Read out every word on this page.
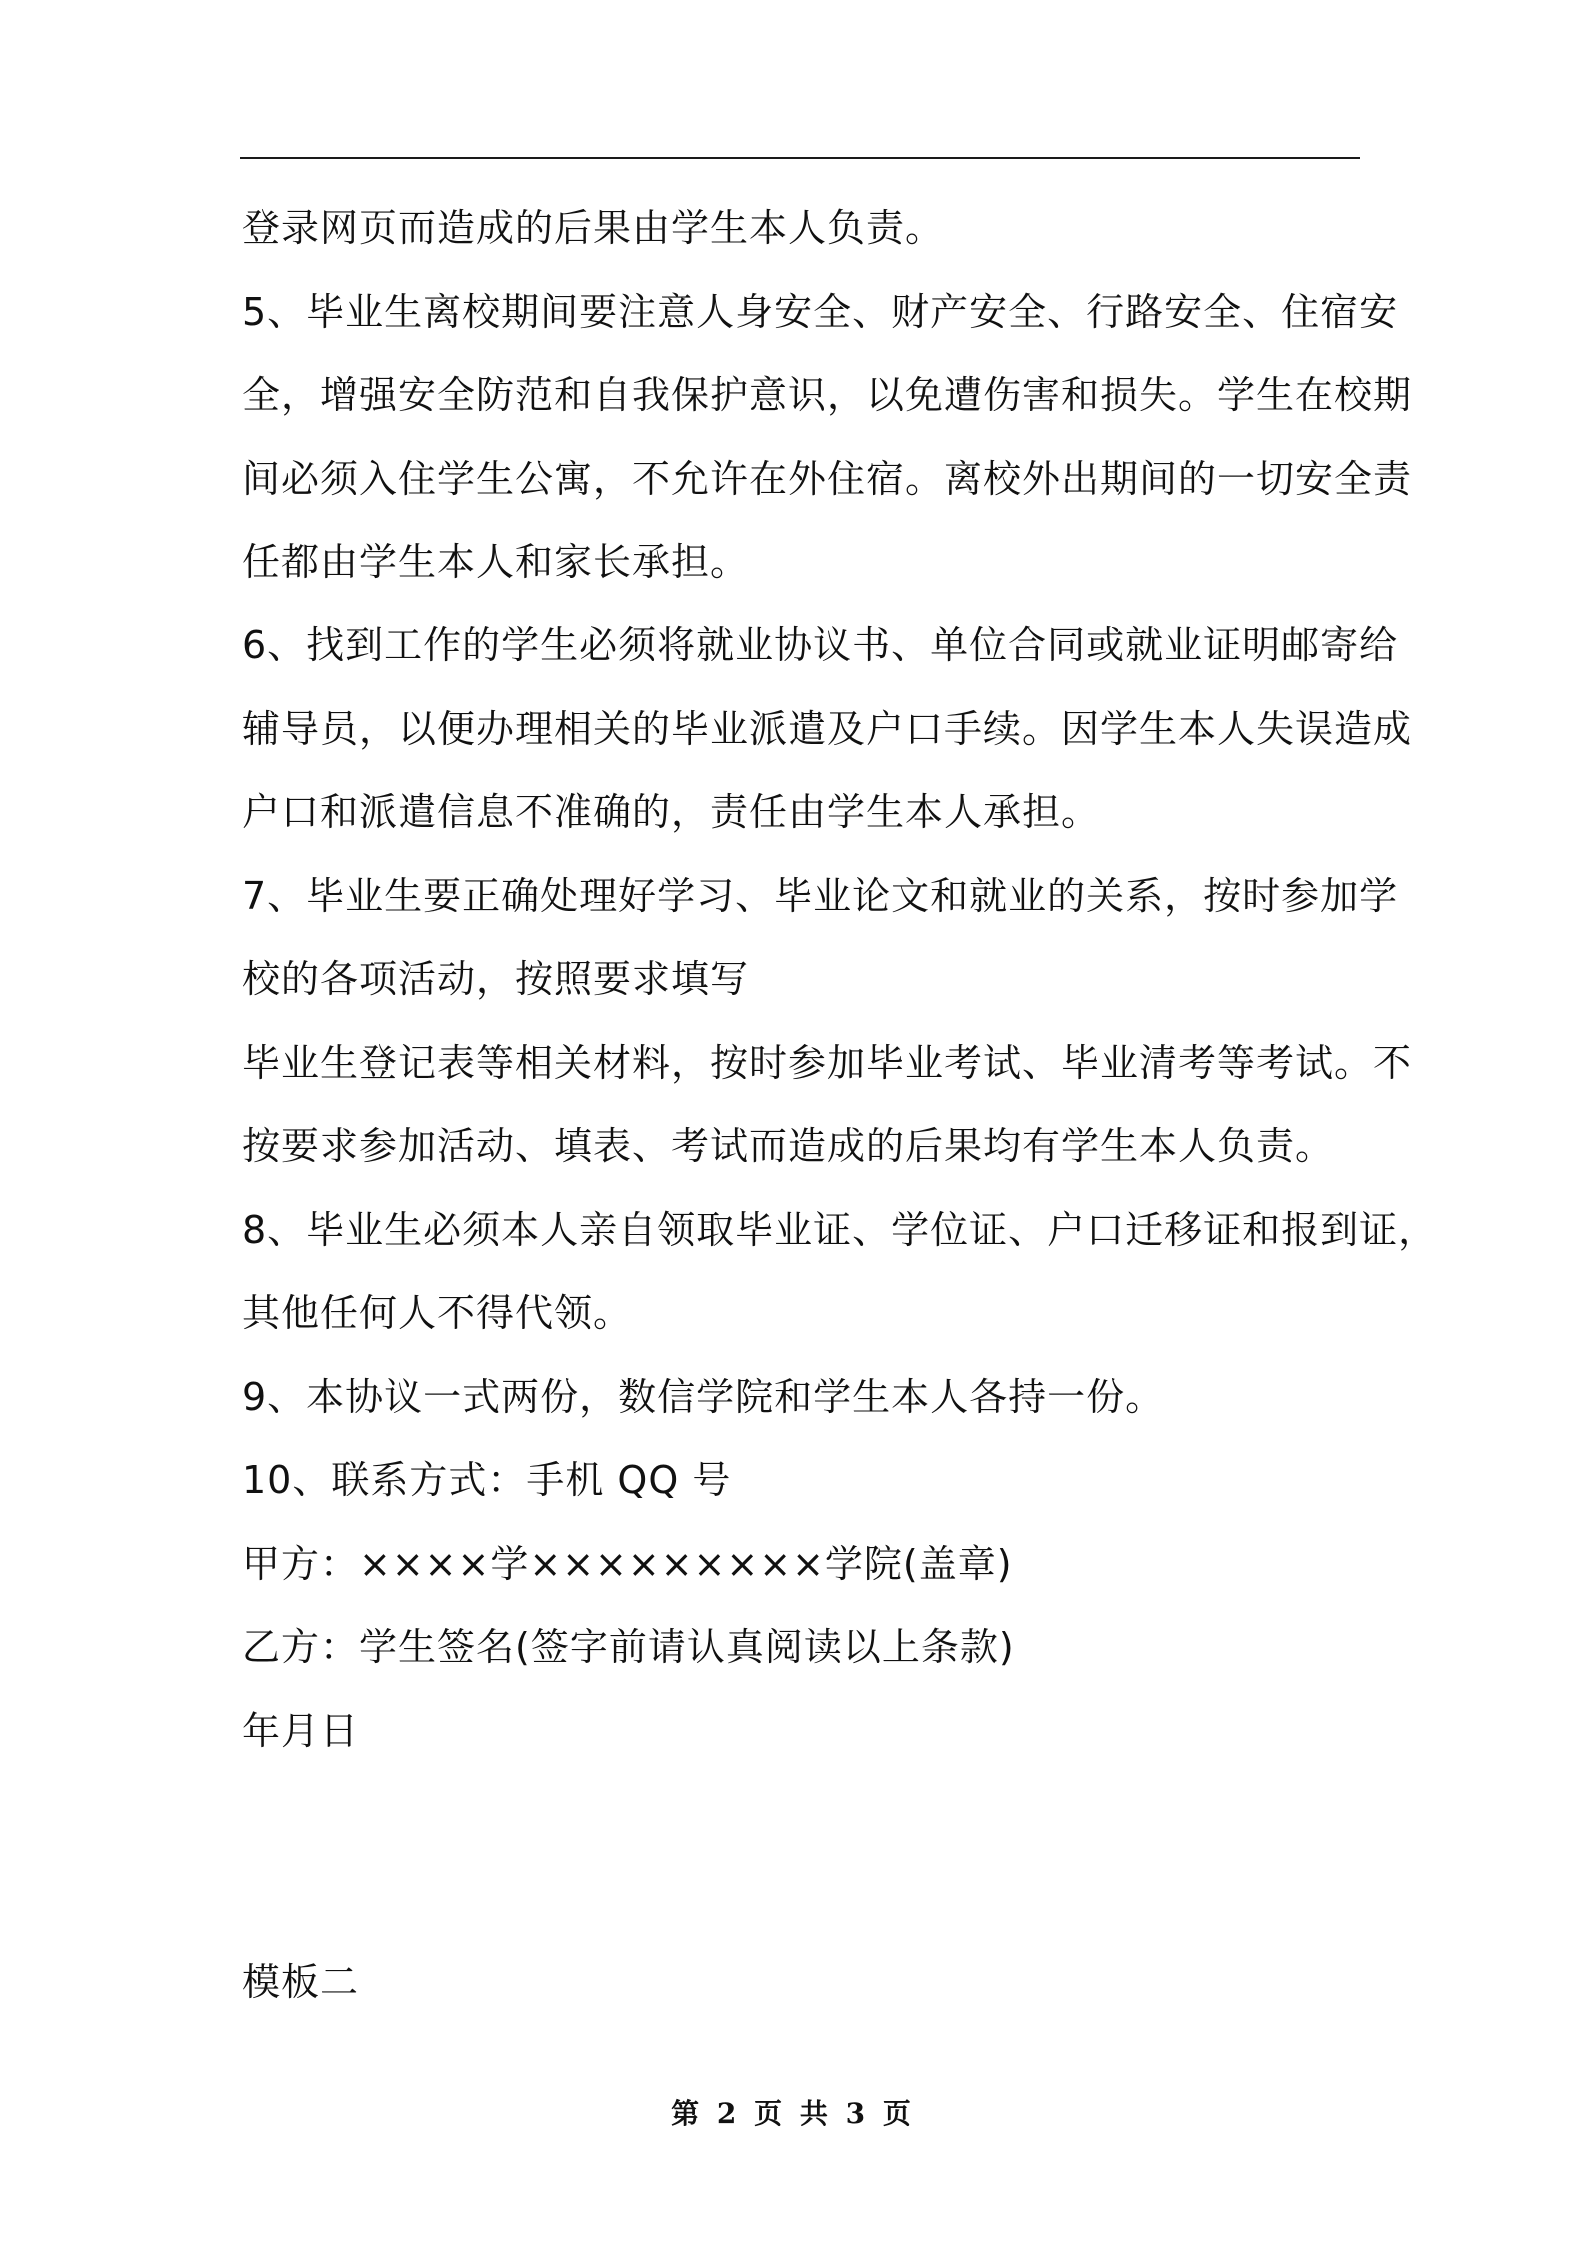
登录网页而造成的后果由学生本人负责。
5、毕业生离校期间要注意人身安全、财产安全、行路安全、住宿安
全，增强安全防范和自我保护意识，以免遭伤害和损失。学生在校期
间必须入住学生公寓，不允许在外住宿。离校外出期间的一切安全责
任都由学生本人和家长承担。
6、找到工作的学生必须将就业协议书、单位合同或就业证明邮寄给
辅导员，以便办理相关的毕业派遣及户口手续。因学生本人失误造成
户口和派遣信息不准确的，责任由学生本人承担。
7、毕业生要正确处理好学习、毕业论文和就业的关系，按时参加学
校的各项活动，按照要求填写
毕业生登记表等相关材料，按时参加毕业考试、毕业清考等考试。不
按要求参加活动、填表、考试而造成的后果均有学生本人负责。
8、毕业生必须本人亲自领取毕业证、学位证、户口迁移证和报到证，
其他任何人不得代领。
9、本协议一式两份，数信学院和学生本人各持一份。
10、联系方式：手机 QQ 号
甲方：××××学×××××××××学院(盖章)
乙方：学生签名(签字前请认真阅读以上条款)
年月日
模板二
第 2 页 共 3 页
